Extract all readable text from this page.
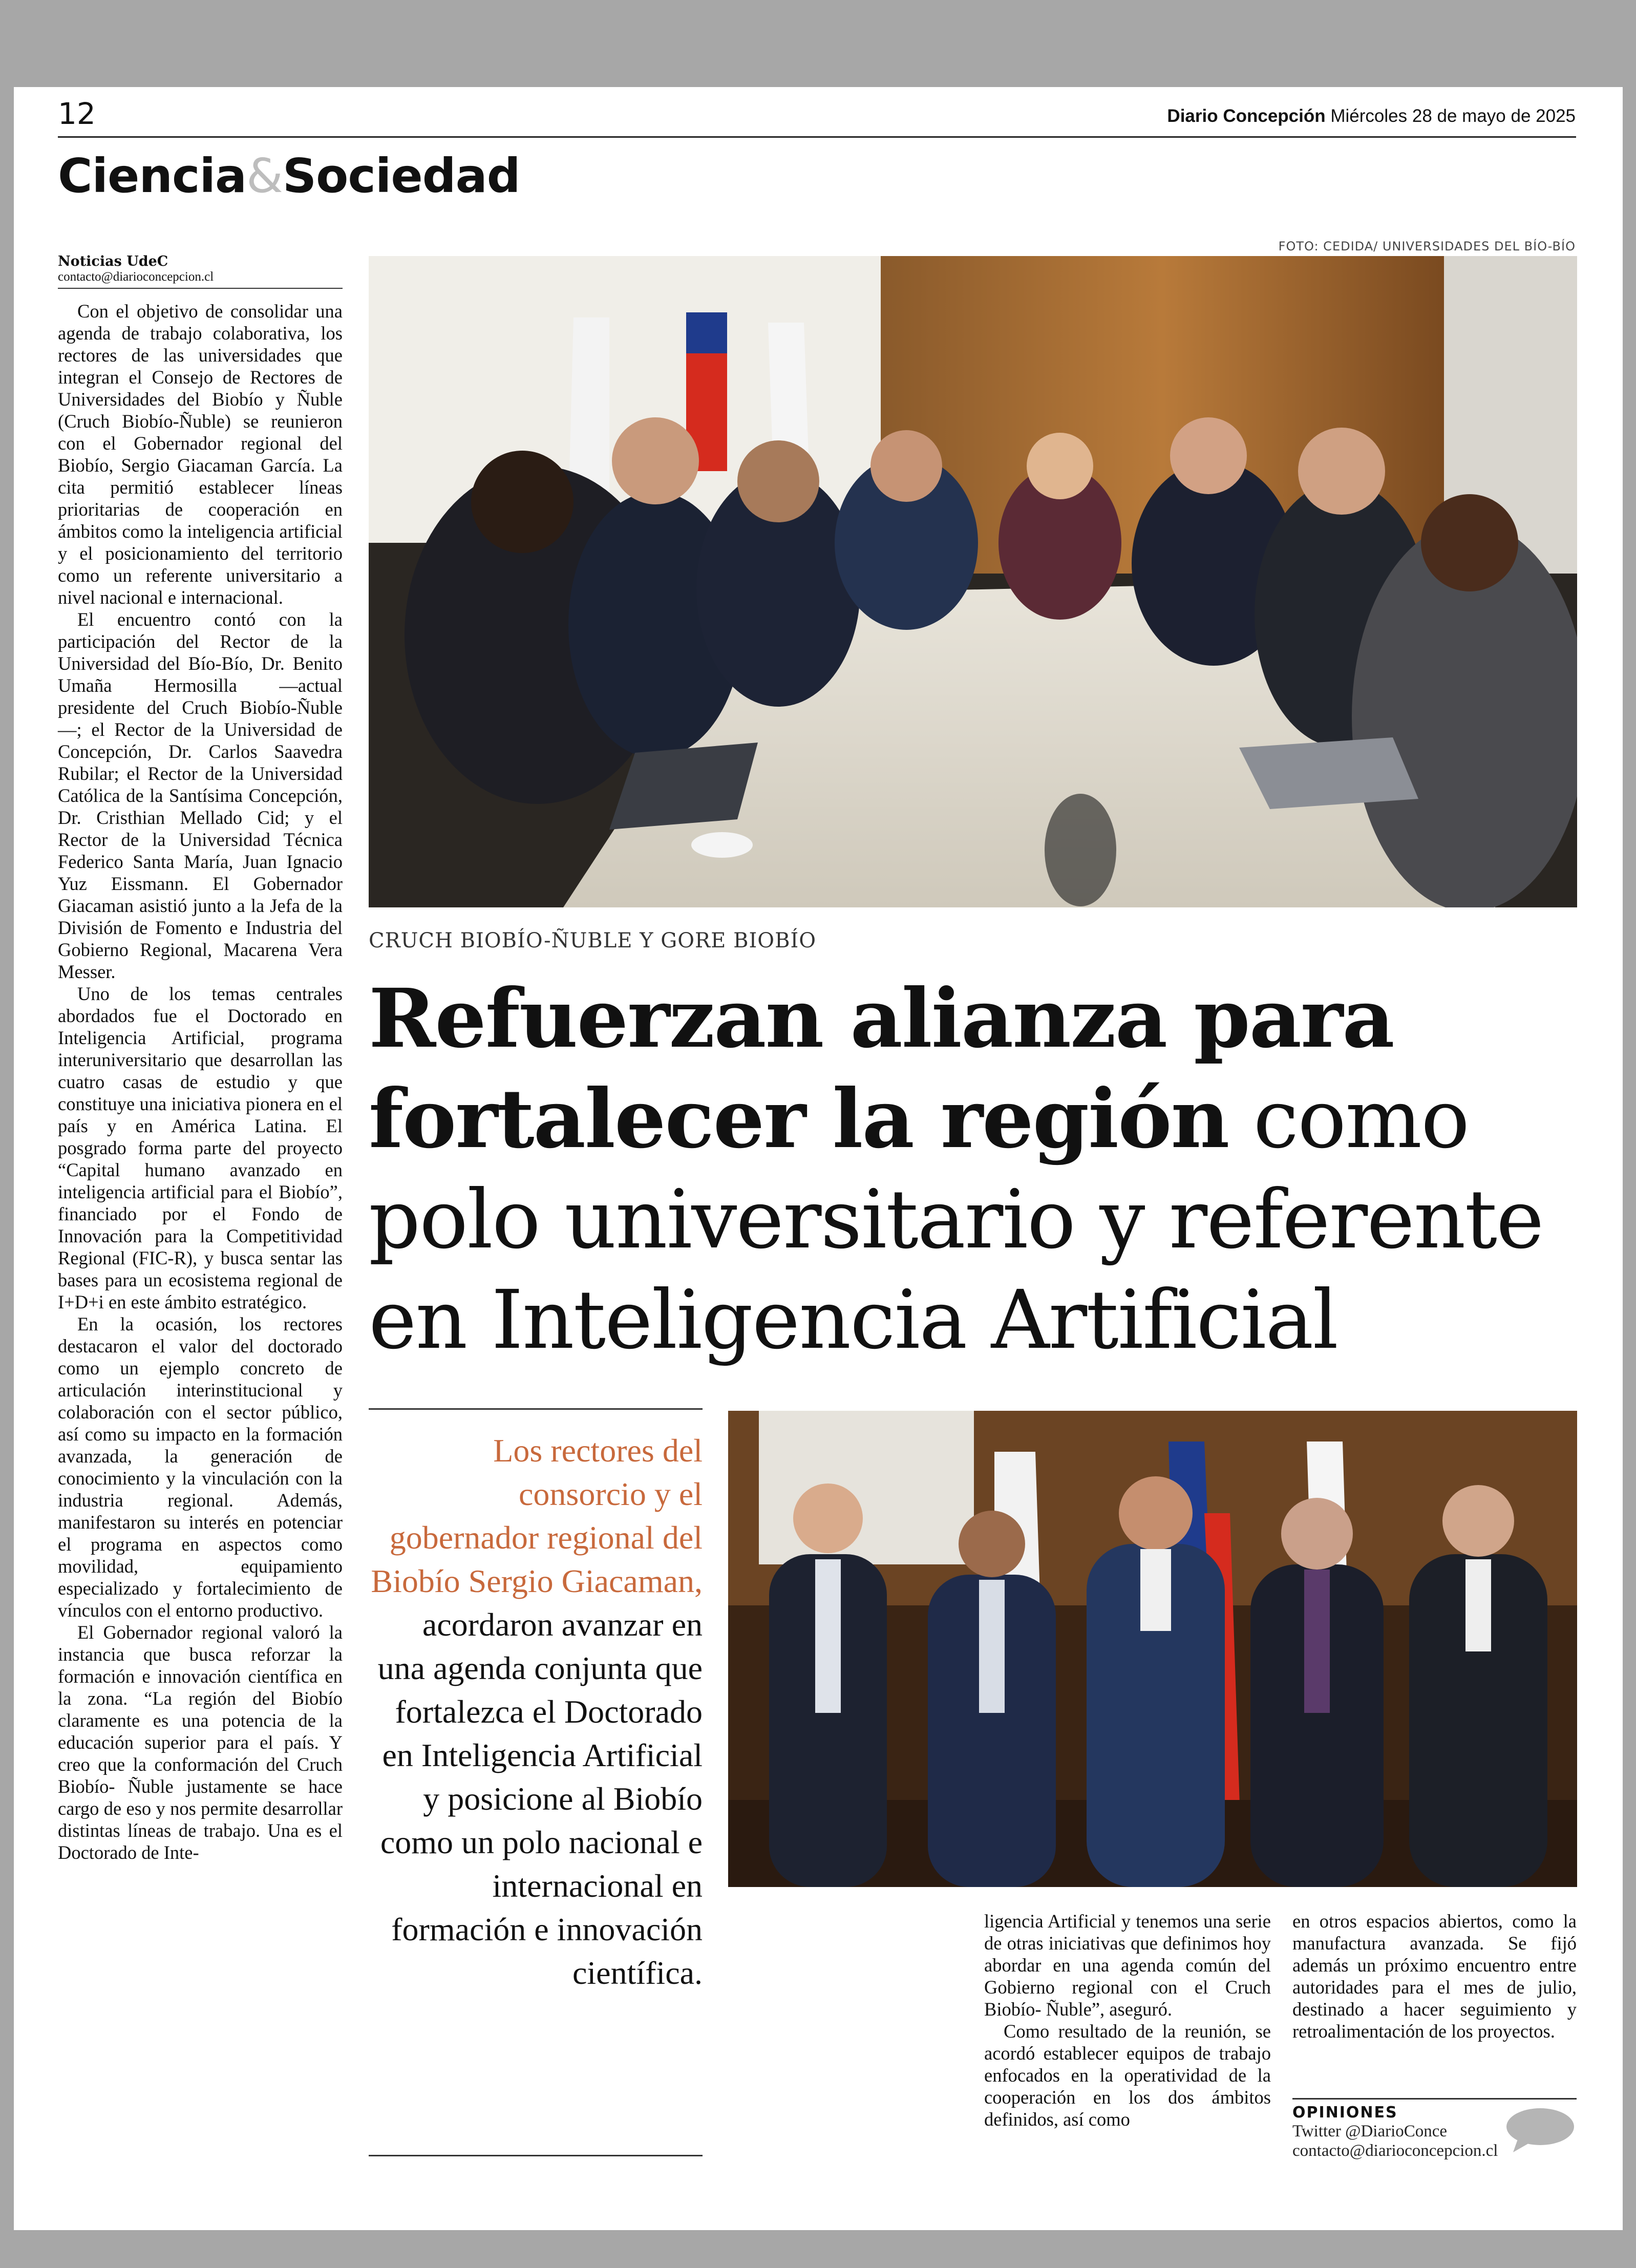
12	Diario Concepción Miércoles 28 de mayo de 2025
Ciencia&Sociedad
FOTO: CEDIDA/ UNIVERSIDADES DEL BÍO-BÍO
Noticias UdeC
contacto@diarioconcepcion.cl

Con el objetivo de consolidar una agenda de trabajo colaborativa, los rectores de las universidades que integran el Consejo de Rectores de Universidades del Biobío y Ñuble (Cruch Biobío-Ñuble) se reunieron con el Gobernador regional del Biobío, Sergio Giacaman García. La cita permitió establecer líneas prioritarias de cooperación en ámbitos como la inteligencia artificial y el posicionamiento del territorio como un referente universitario a nivel nacional e internacional.

El encuentro contó con la participación del Rector de la Universidad del Bío-Bío, Dr. Benito Umaña Hermosilla —actual presidente del Cruch Biobío-Ñuble—; el Rector de la Universidad de Concepción, Dr. Carlos Saavedra Rubilar; el Rector de la Universidad Católica de la Santísima Concepción, Dr. Cristhian Mellado Cid; y el Rector de la Universidad Técnica Federico Santa María, Juan Ignacio Yuz Eissmann. El Gobernador Giacaman asistió junto a la Jefa de la División de Fomento e Industria del Gobierno Regional, Macarena Vera Messer.

Uno de los temas centrales abordados fue el Doctorado en Inteligencia Artificial, programa interuniversitario que desarrollan las cuatro casas de estudio y que constituye una iniciativa pionera en el país y en América Latina. El posgrado forma parte del proyecto “Capital humano avanzado en inteligencia artificial para el Biobío”, financiado por el Fondo de Innovación para la Competitividad Regional (FIC-R), y busca sentar las bases para un ecosistema regional de I+D+i en este ámbito estratégico.

En la ocasión, los rectores destacaron el valor del doctorado como un ejemplo concreto de articulación interinstitucional y colaboración con el sector público, así como su impacto en la formación avanzada, la generación de conocimiento y la vinculación con la industria regional. Además, manifestaron su interés en potenciar el programa en aspectos como movilidad, equipamiento especializado y fortalecimiento de vínculos con el entorno productivo.

El Gobernador regional valoró la instancia que busca reforzar la formación e innovación científica en la zona. “La región del Biobío claramente es una potencia de la educación superior para el país. Y creo que la conformación del Cruch Biobío- Ñuble justamente se hace cargo de eso y nos permite desarrollar distintas líneas de trabajo. Una es el Doctorado de Inte-

CRUCH BIOBÍO-ÑUBLE Y GORE BIOBÍO
Refuerzan alianza para fortalecer la región como polo universitario y referente en Inteligencia Artificial
Los rectores del consorcio y el gobernador regional del Biobío Sergio Giacaman, acordaron avanzar en una agenda conjunta que fortalezca el Doctorado en Inteligencia Artificial y posicione al Biobío como un polo nacional e internacional en formación e innovación científica.

ligencia Artificial y tenemos una serie de otras iniciativas que definimos hoy abordar en una agenda común del Gobierno regional con el Cruch Biobío- Ñuble”, aseguró.

Como resultado de la reunión, se acordó establecer equipos de trabajo enfocados en la operatividad de la cooperación en los dos ámbitos definidos, así como

en otros espacios abiertos, como la manufactura avanzada. Se fijó además un próximo encuentro entre autoridades para el mes de julio, destinado a hacer seguimiento y retroalimentación de los proyectos.

OPINIONES
Twitter @DiarioConce
contacto@diarioconcepcion.cl
